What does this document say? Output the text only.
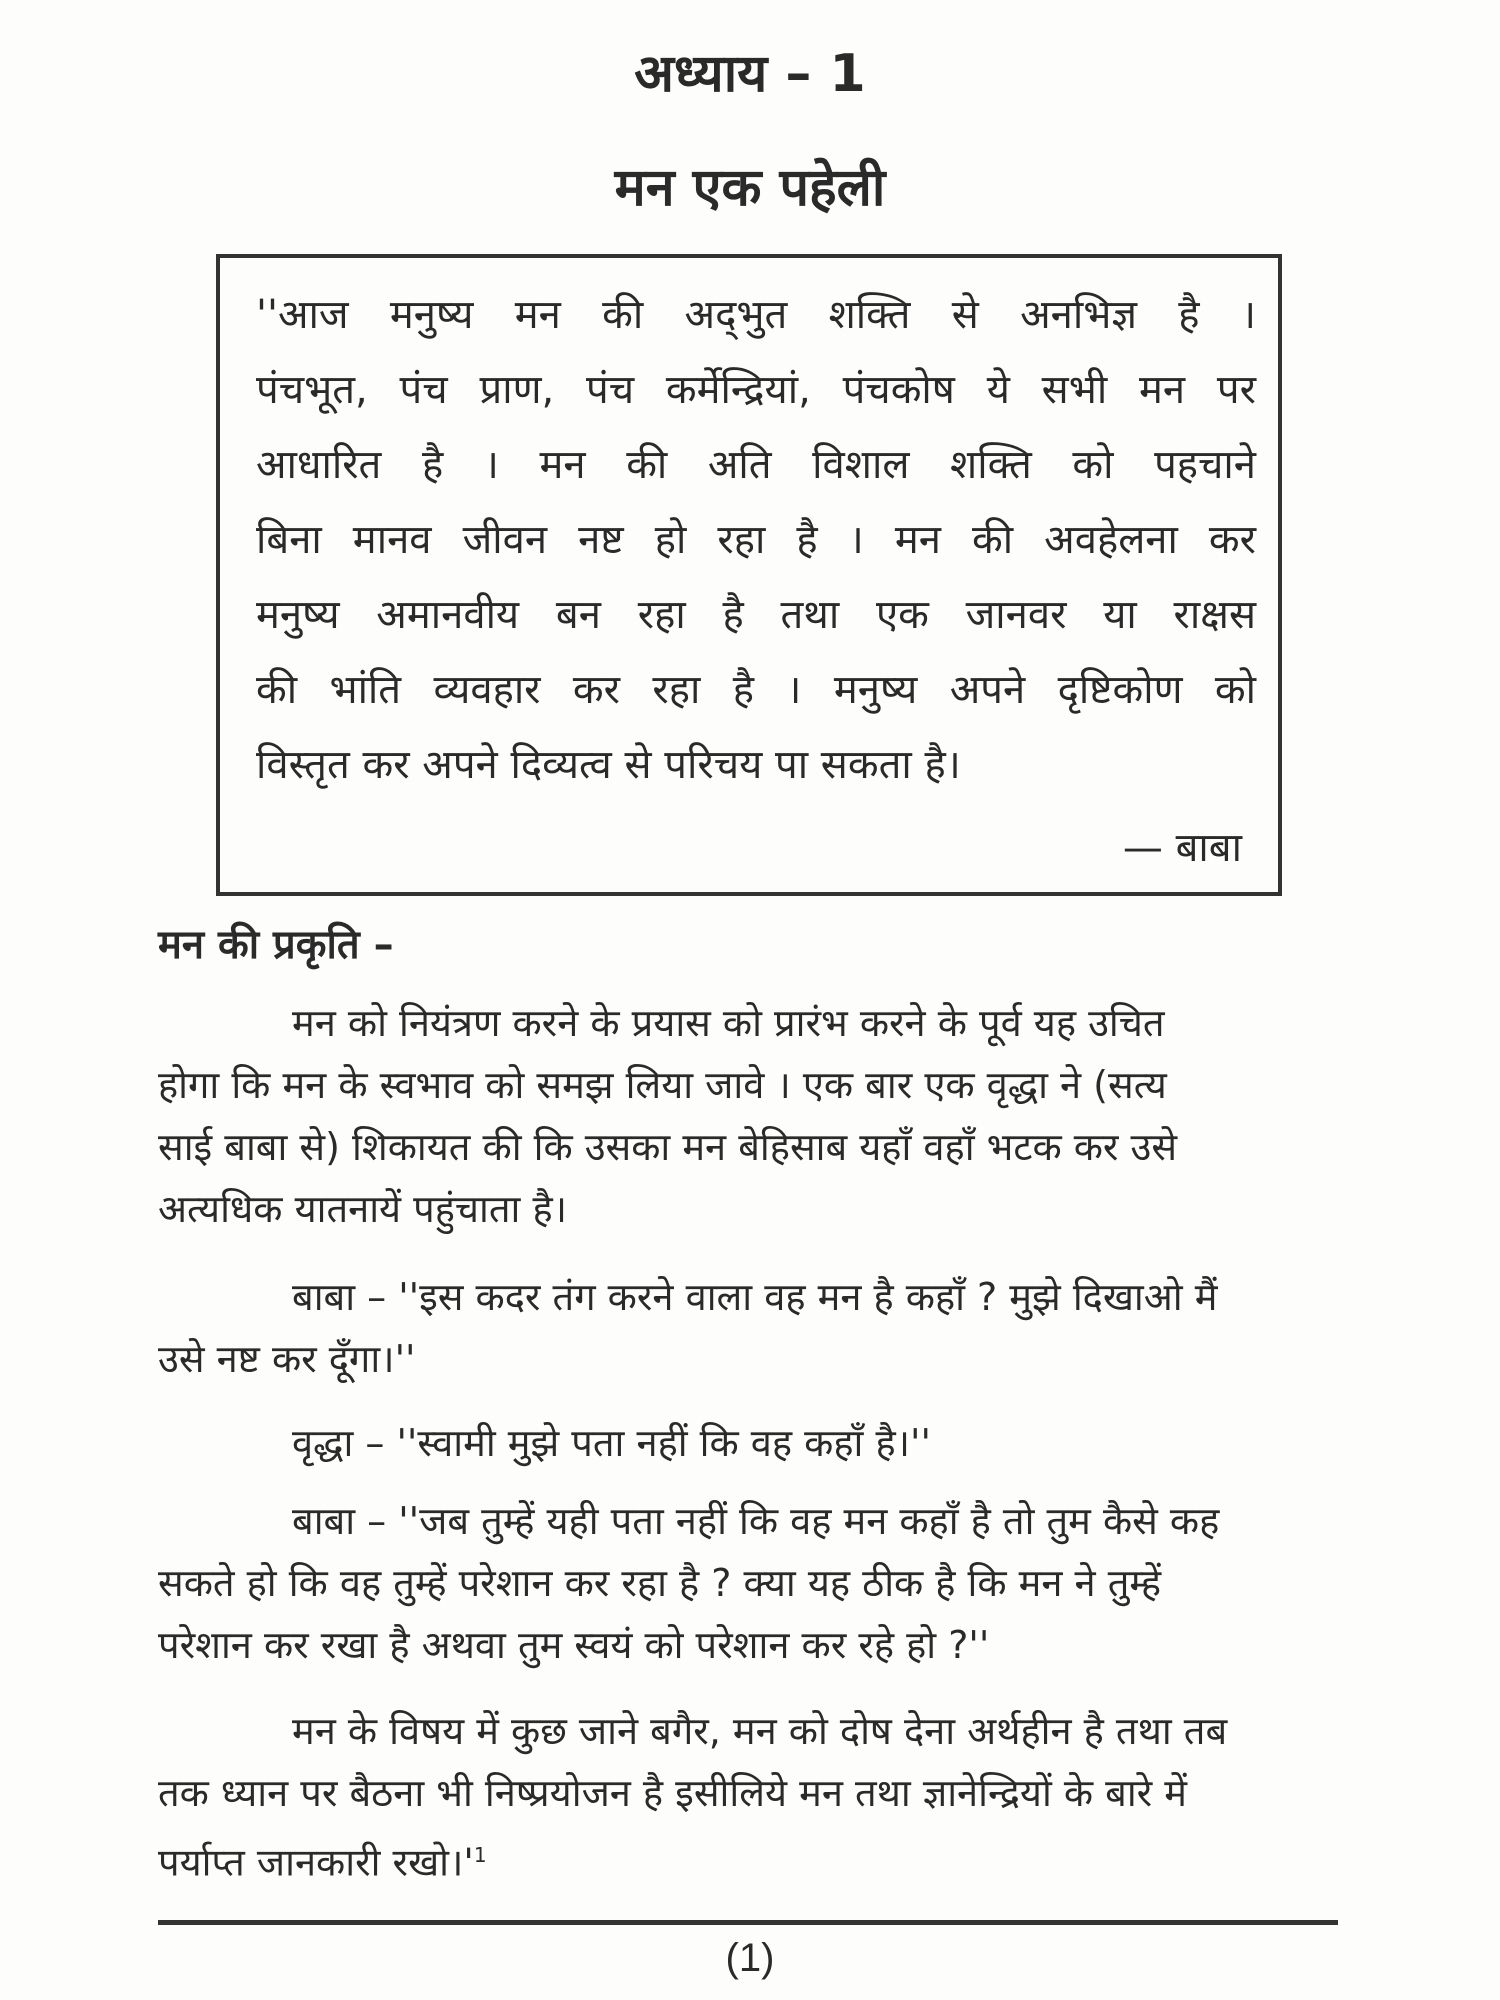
अध्याय – 1
मन एक पहेली
''आज मनुष्य मन की अद्‌भुत शक्ति से अनभिज्ञ है ।
पंचभूत, पंच प्राण, पंच कर्मेन्द्रियां, पंचकोष ये सभी मन पर
आधारित है । मन की अति विशाल शक्ति को पहचाने
बिना मानव जीवन नष्ट हो रहा है । मन की अवहेलना कर
मनुष्य अमानवीय बन रहा है तथा एक जानवर या राक्षस
की भांति व्यवहार कर रहा है । मनुष्य अपने दृष्टिकोण को
विस्तृत कर अपने दिव्यत्व से परिचय पा सकता है।
— बाबा
मन की प्रकृति –
मन को नियंत्रण करने के प्रयास को प्रारंभ करने के पूर्व यह उचित
होगा कि मन के स्वभाव को समझ लिया जावे । एक बार एक वृद्धा ने (सत्य
साई बाबा से) शिकायत की कि उसका मन बेहिसाब यहाँ वहाँ भटक कर उसे
अत्यधिक यातनायें पहुंचाता है।
बाबा – ''इस कदर तंग करने वाला वह मन है कहाँ ? मुझे दिखाओ मैं
उसे नष्ट कर दूँगा।''
वृद्धा – ''स्वामी मुझे पता नहीं कि वह कहाँ है।''
बाबा – ''जब तुम्हें यही पता नहीं कि वह मन कहाँ है तो तुम कैसे कह
सकते हो कि वह तुम्हें परेशान कर रहा है ? क्या यह ठीक है कि मन ने तुम्हें
परेशान कर रखा है अथवा तुम स्वयं को परेशान कर रहे हो ?''
मन के विषय में कुछ जाने बगैर, मन को दोष देना अर्थहीन है तथा तब
तक ध्यान पर बैठना भी निष्प्रयोजन है इसीलिये मन तथा ज्ञानेन्द्रियों के बारे में
पर्याप्त जानकारी रखो।'$^1$
(1)
